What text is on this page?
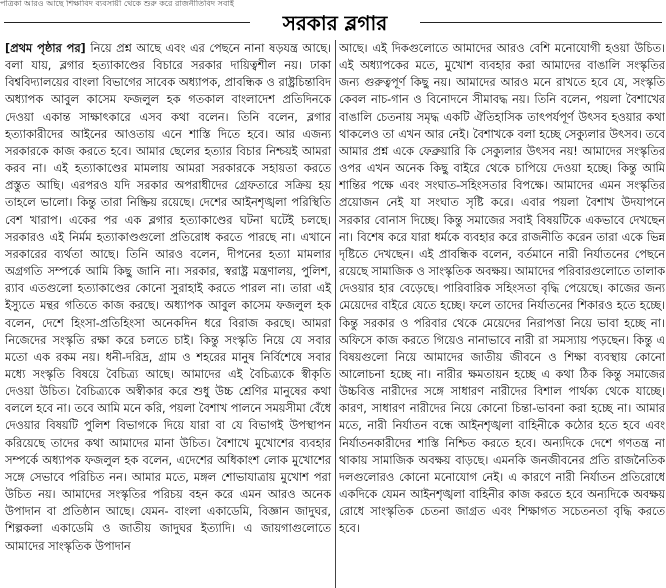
পত্রিকা আরও আছে শিক্ষাবিদ ব্যবসায়ী থেকে শুরু করে রাজনীতিবিদ সবাই
সরকার ব্লগার

[প্রথম পৃষ্ঠার পর] নিয়ে প্রশ্ন আছে এবং এর পেছনে নানা ষড়যন্ত্র আছে। বলা যায়, ব্লগার হত্যাকাণ্ডের বিচারে সরকার দায়িত্বশীল নয়। ঢাকা বিশ্ববিদ্যালয়ের বাংলা বিভাগের সাবেক অধ্যাপক, প্রাবন্ধিক ও রাষ্ট্রচিন্তাবিদ অধ্যাপক আবুল কাসেম ফজলুল হক গতকাল বাংলাদেশ প্রতিদিনকে দেওয়া একান্ত সাক্ষাৎকারে এসব কথা বলেন। তিনি বলেন, ব্লগার হত্যাকারীদের আইনের আওতায় এনে শাস্তি দিতে হবে। আর এজন্য সরকারকে কাজ করতে হবে। আমার ছেলের হত্যার বিচার নিশ্চয়ই আমরা করব না। এই হত্যাকাণ্ডের মামলায় আমরা সরকারকে সহায়তা করতে প্রস্তুত আছি। এরপরও যদি সরকার অপরাধীদের গ্রেফতারে সক্রিয় হয় তাহলে ভালো। কিন্তু তারা নিষ্ক্রিয় রয়েছে। দেশের আইনশৃঙ্খলা পরিস্থিতি বেশ খারাপ। একের পর এক ব্লগার হত্যাকাণ্ডের ঘটনা ঘটেই চলছে। সরকারও এই নির্মম হত্যাকাণ্ডগুলো প্রতিরোধ করতে পারছে না। এখানে সরকারের ব্যর্থতা আছে। তিনি আরও বলেন, দীপনের হত্যা মামলার অগ্রগতি সম্পর্কে আমি কিছু জানি না। সরকার, স্বরাষ্ট্র মন্ত্রণালয়, পুলিশ, র‍্যাব এতগুলো হত্যাকাণ্ডের কোনো সুরাহাই করতে পারল না। তারা এই ইস্যুতে মন্থর গতিতে কাজ করছে। অধ্যাপক আবুল কাসেম ফজলুল হক বলেন, দেশে হিংসা-প্রতিহিংসা অনেকদিন ধরে বিরাজ করছে। আমরা নিজেদের সংস্কৃতি রক্ষা করে চলতে চাই। কিন্তু সংস্কৃতি নিয়ে যে সবার মতো এক রকম নয়। ধনী-দরিদ্র, গ্রাম ও শহরের মানুষ নির্বিশেষে সবার মধ্যে সংস্কৃতি বিষয়ে বৈচিত্র্য আছে। আমাদের এই বৈচিত্র্যকে স্বীকৃতি দেওয়া উচিত। বৈচিত্র্যকে অস্বীকার করে শুধু উচ্চ শ্রেণির মানুষের কথা বললে হবে না। তবে আমি মনে করি, পয়লা বৈশাখ পালনে সময়সীমা বেঁধে দেওয়ার বিষয়টি পুলিশ বিভাগকে দিয়ে যারা বা যে বিভাগই উপস্থাপন করিয়েছে তাদের কথা আমাদের মানা উচিত। বৈশাখে মুখোশের ব্যবহার সম্পর্কে অধ্যাপক ফজলুল হক বলেন, এদেশের অধিকাংশ লোক মুখোশের সঙ্গে সেভাবে পরিচিত নন। আমার মতে, মঙ্গল শোভাযাত্রায় মুখোশ পরা উচিত নয়। আমাদের সংস্কৃতির পরিচয় বহন করে এমন আরও অনেক উপাদান বা প্রতিষ্ঠান আছে। যেমন- বাংলা একাডেমি, বিজ্ঞান জাদুঘর, শিল্পকলা একাডেমি ও জাতীয় জাদুঘর ইত্যাদি। এ জায়গাগুলোতে আমাদের সাংস্কৃতিক উপাদান

আছে। এই দিকগুলোতে আমাদের আরও বেশি মনোযোগী হওয়া উচিত। এই অধ্যাপকের মতে, মুখোশ ব্যবহার করা আমাদের বাঙালি সংস্কৃতির জন্য গুরুত্বপূর্ণ কিছু নয়। আমাদের আরও মনে রাখতে হবে যে, সংস্কৃতি কেবল নাচ-গান ও বিনোদনে সীমাবদ্ধ নয়। তিনি বলেন, পয়লা বৈশাখের বাঙালি চেতনায় সমৃদ্ধ একটি ঐতিহাসিক তাৎপর্যপূর্ণ উৎসব হওয়ার কথা থাকলেও তা এখন আর নেই। বৈশাখকে বলা হচ্ছে সেক্যুলার উৎসব। তবে আমার প্রশ্ন একে ফেব্রুয়ারি কি সেক্যুলার উৎসব নয়! আমাদের সংস্কৃতির ওপর এখন অনেক কিছু বাইরে থেকে চাপিয়ে দেওয়া হচ্ছে। কিন্তু আমি শান্তির পক্ষে এবং সংঘাত-সহিংসতার বিপক্ষে। আমাদের এমন সংস্কৃতির প্রয়োজন নেই যা সংঘাত সৃষ্টি করে। এবার পয়লা বৈশাখ উদযাপনে সরকার বোনাস দিচ্ছে। কিন্তু সমাজের সবাই বিষয়টিকে একভাবে দেখছেন না। বিশেষ করে যারা ধর্মকে ব্যবহার করে রাজনীতি করেন তারা একে ভিন্ন দৃষ্টিতে দেখছেন। এই প্রাবন্ধিক বলেন, বর্তমানে নারী নির্যাতনের পেছনে রয়েছে সামাজিক ও সাংস্কৃতিক অবক্ষয়। আমাদের পরিবারগুলোতে তালাক দেওয়ার হার বেড়েছে। পারিবারিক সহিংসতা বৃদ্ধি পেয়েছে। কাজের জন্য মেয়েদের বাইরে যেতে হচ্ছে। ফলে তাদের নির্যাতনের শিকারও হতে হচ্ছে। কিন্তু সরকার ও পরিবার থেকে মেয়েদের নিরাপত্তা নিয়ে ভাবা হচ্ছে না। অফিসে কাজ করতে গিয়েও নানাভাবে নারী রা সমস্যায় পড়ছেন। কিন্তু এ বিষয়গুলো নিয়ে আমাদের জাতীয় জীবনে ও শিক্ষা ব্যবস্থায় কোনো আলোচনা হচ্ছে না। নারীর ক্ষমতায়ন হচ্ছে এ কথা ঠিক কিন্তু সমাজের উচ্চবিত্ত নারীদের সঙ্গে সাধারণ নারীদের বিশাল পার্থক্য থেকে যাচ্ছে। কারণ, সাধারণ নারীদের নিয়ে কোনো চিন্তা-ভাবনা করা হচ্ছে না। আমার মতে, নারী নির্যাতন বন্ধে আইনশৃঙ্খলা বাহিনীকে কঠোর হতে হবে এবং নির্যাতনকারীদের শাস্তি নিশ্চিত করতে হবে। অন্যদিকে দেশে গণতন্ত্র না থাকায় সামাজিক অবক্ষয় বাড়ছে। এমনকি জনজীবনের প্রতি রাজনৈতিক দলগুলোরও কোনো মনোযোগ নেই। এ কারণে নারী নির্যাতন প্রতিরোধে একদিকে যেমন আইনশৃঙ্খলা বাহিনীর কাজ করতে হবে অন্যদিকে অবক্ষয় রোধে সাংস্কৃতিক চেতনা জাগ্রত এবং শিক্ষাগত সচেতনতা বৃদ্ধি করতে হবে।
